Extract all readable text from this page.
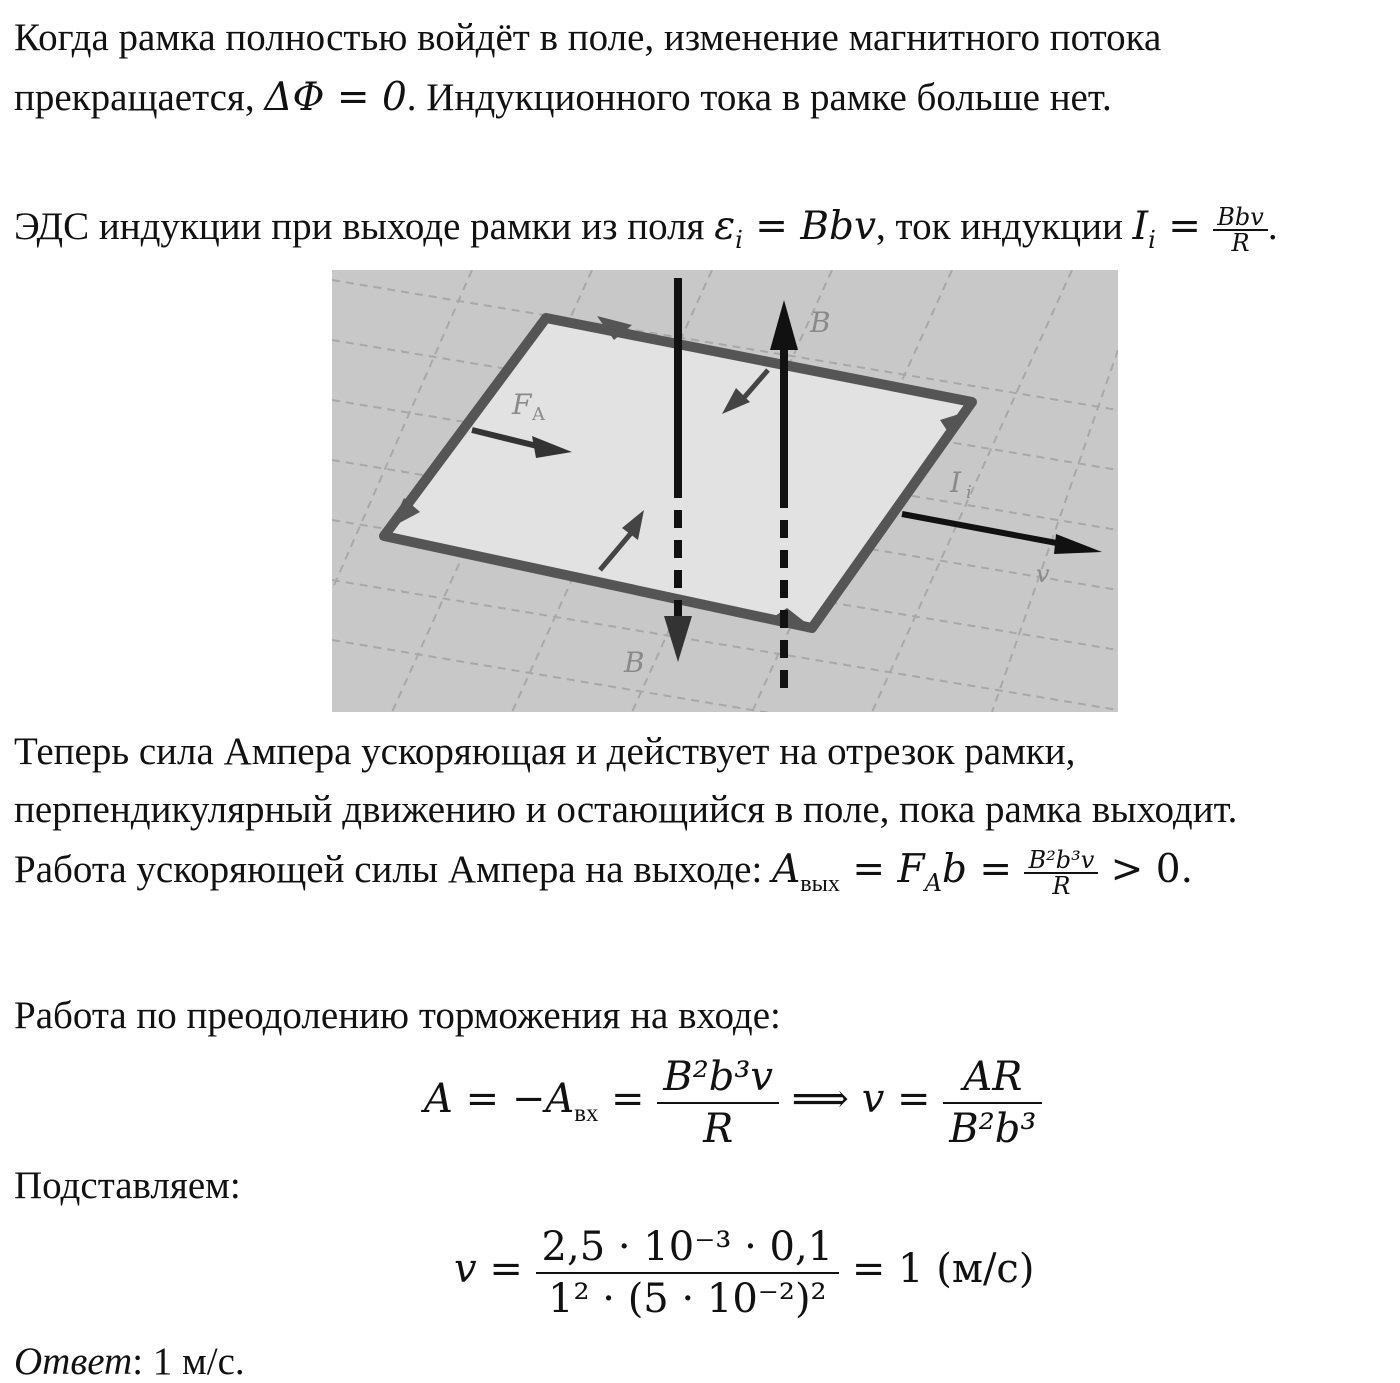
Когда рамка полностью войдёт в поле, изменение магнитного потока
прекращается, ΔΦ = 0. Индукционного тока в рамке больше нет.
ЭДС индукции при выходе рамки из поля $\varepsilon_i$ = Bbv, ток индукции $I_i = \frac{\text{Bbv}}{R}$ .
B
B
F A
I i
v
Теперь сила Ампера ускоряющая и действует на отрезок рамки,
перпендикулярный движению и остающийся в поле, пока рамка выходит.
Работа ускоряющей силы Ампера на выходе: $A_{вых} = F_Ab = \frac{\text{B²b³v}}{R} > 0$.
Работа по преодолению торможения на входе:
$A = -A_{вх} = \frac{\text{B²b³v}}{R}$ ⟹ $v = \frac{AR}{\text{B²b³}}$
Подставляем:
$v = \frac{\text{2,5 · 10⁻³ · 0,1}}{\text{1² · (5 · 10⁻²)²}} = 1$ (м/с)
Ответ: 1 м/с.
